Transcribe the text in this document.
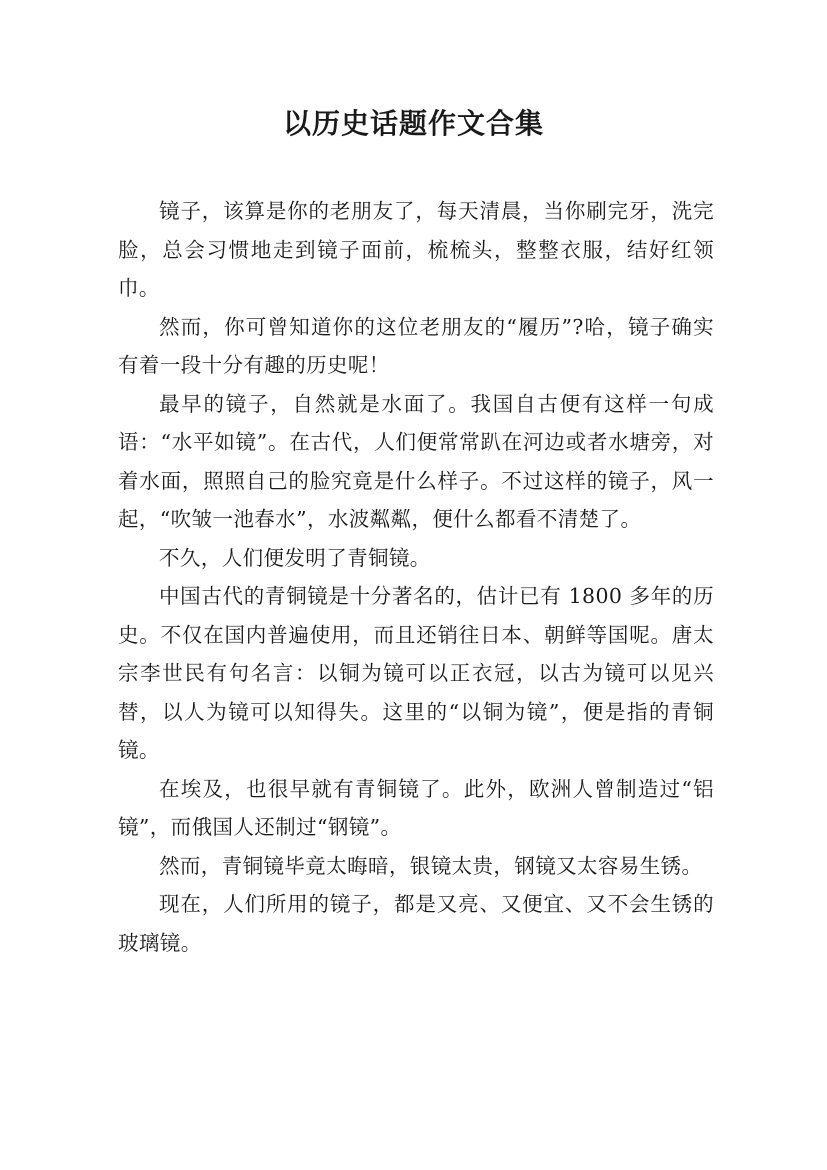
以历史话题作文合集

镜子，该算是你的老朋友了，每天清晨，当你刷完牙，洗完脸，总会习惯地走到镜子面前，梳梳头，整整衣服，结好红领巾。

然而，你可曾知道你的这位老朋友的“履历”?哈，镜子确实有着一段十分有趣的历史呢！

最早的镜子，自然就是水面了。我国自古便有这样一句成语：“水平如镜”。在古代，人们便常常趴在河边或者水塘旁，对着水面，照照自己的脸究竟是什么样子。不过这样的镜子，风一起，“吹皱一池春水”，水波粼粼，便什么都看不清楚了。

不久，人们便发明了青铜镜。

中国古代的青铜镜是十分著名的，估计已有 1800 多年的历史。不仅在国内普遍使用，而且还销往日本、朝鲜等国呢。唐太宗李世民有句名言：以铜为镜可以正衣冠，以古为镜可以见兴替，以人为镜可以知得失。这里的“以铜为镜”，便是指的青铜镜。

在埃及，也很早就有青铜镜了。此外，欧洲人曾制造过“铝镜”，而俄国人还制过“钢镜”。

然而，青铜镜毕竟太晦暗，银镜太贵，钢镜又太容易生锈。

现在，人们所用的镜子，都是又亮、又便宜、又不会生锈的玻璃镜。
